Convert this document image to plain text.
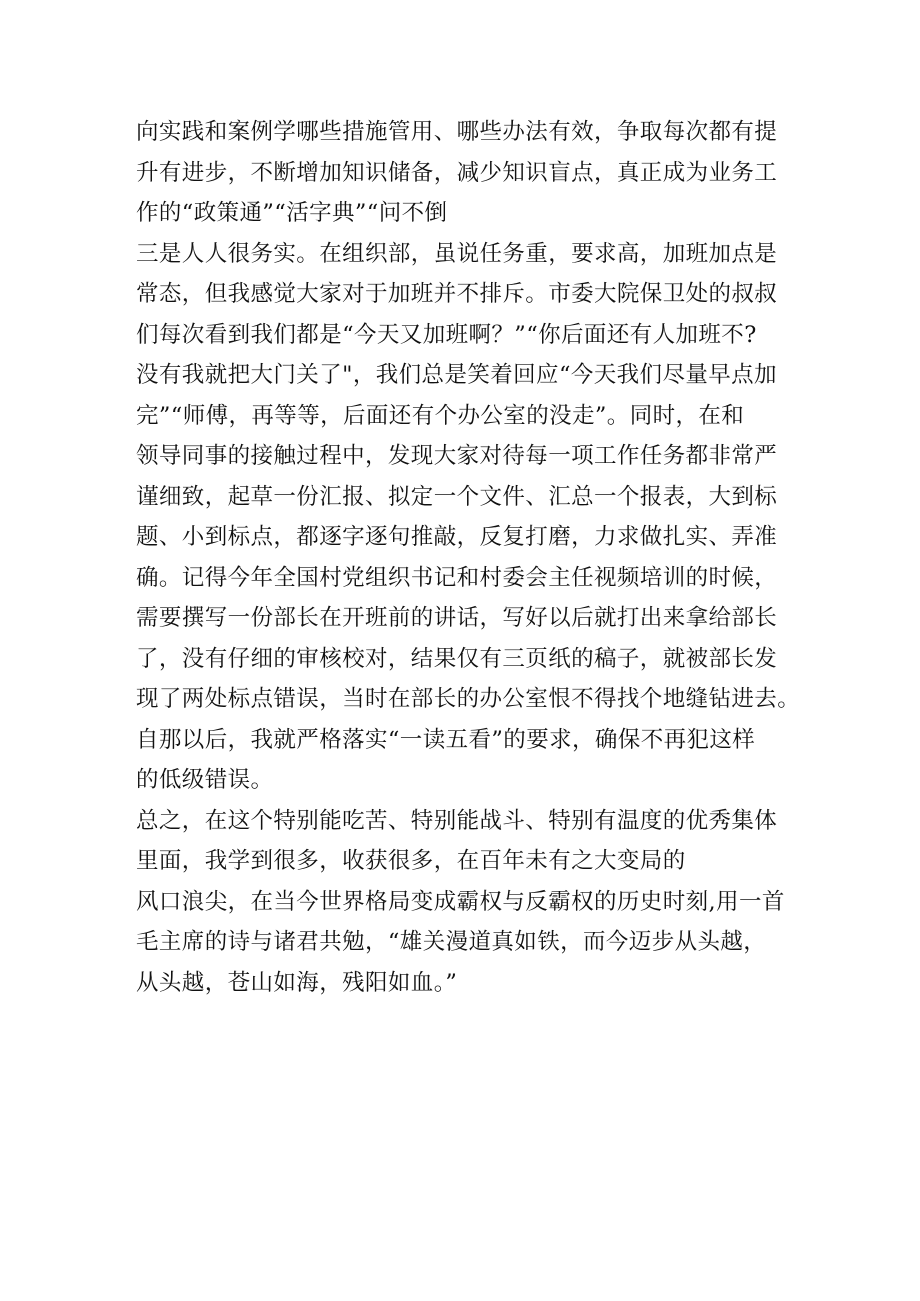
向实践和案例学哪些措施管用、哪些办法有效，争取每次都有提
升有进步，不断增加知识储备，减少知识盲点，真正成为业务工
作的“政策通”“活字典”“问不倒
三是人人很务实。在组织部，虽说任务重，要求高，加班加点是
常态，但我感觉大家对于加班并不排斥。市委大院保卫处的叔叔
们每次看到我们都是“今天又加班啊？”“你后面还有人加班不?
没有我就把大门关了"，我们总是笑着回应“今天我们尽量早点加
完”“师傅，再等等，后面还有个办公室的没走”。同时，在和
领导同事的接触过程中，发现大家对待每一项工作任务都非常严
谨细致，起草一份汇报、拟定一个文件、汇总一个报表，大到标
题、小到标点，都逐字逐句推敲，反复打磨，力求做扎实、弄准
确。记得今年全国村党组织书记和村委会主任视频培训的时候，
需要撰写一份部长在开班前的讲话，写好以后就打出来拿给部长
了，没有仔细的审核校对，结果仅有三页纸的稿子，就被部长发
现了两处标点错误，当时在部长的办公室恨不得找个地缝钻进去。
自那以后，我就严格落实“一读五看”的要求，确保不再犯这样
的低级错误。
总之，在这个特别能吃苦、特别能战斗、特别有温度的优秀集体
里面，我学到很多，收获很多，在百年未有之大变局的
风口浪尖，在当今世界格局变成霸权与反霸权的历史时刻,用一首
毛主席的诗与诸君共勉，“雄关漫道真如铁，而今迈步从头越，
从头越，苍山如海，残阳如血。”
